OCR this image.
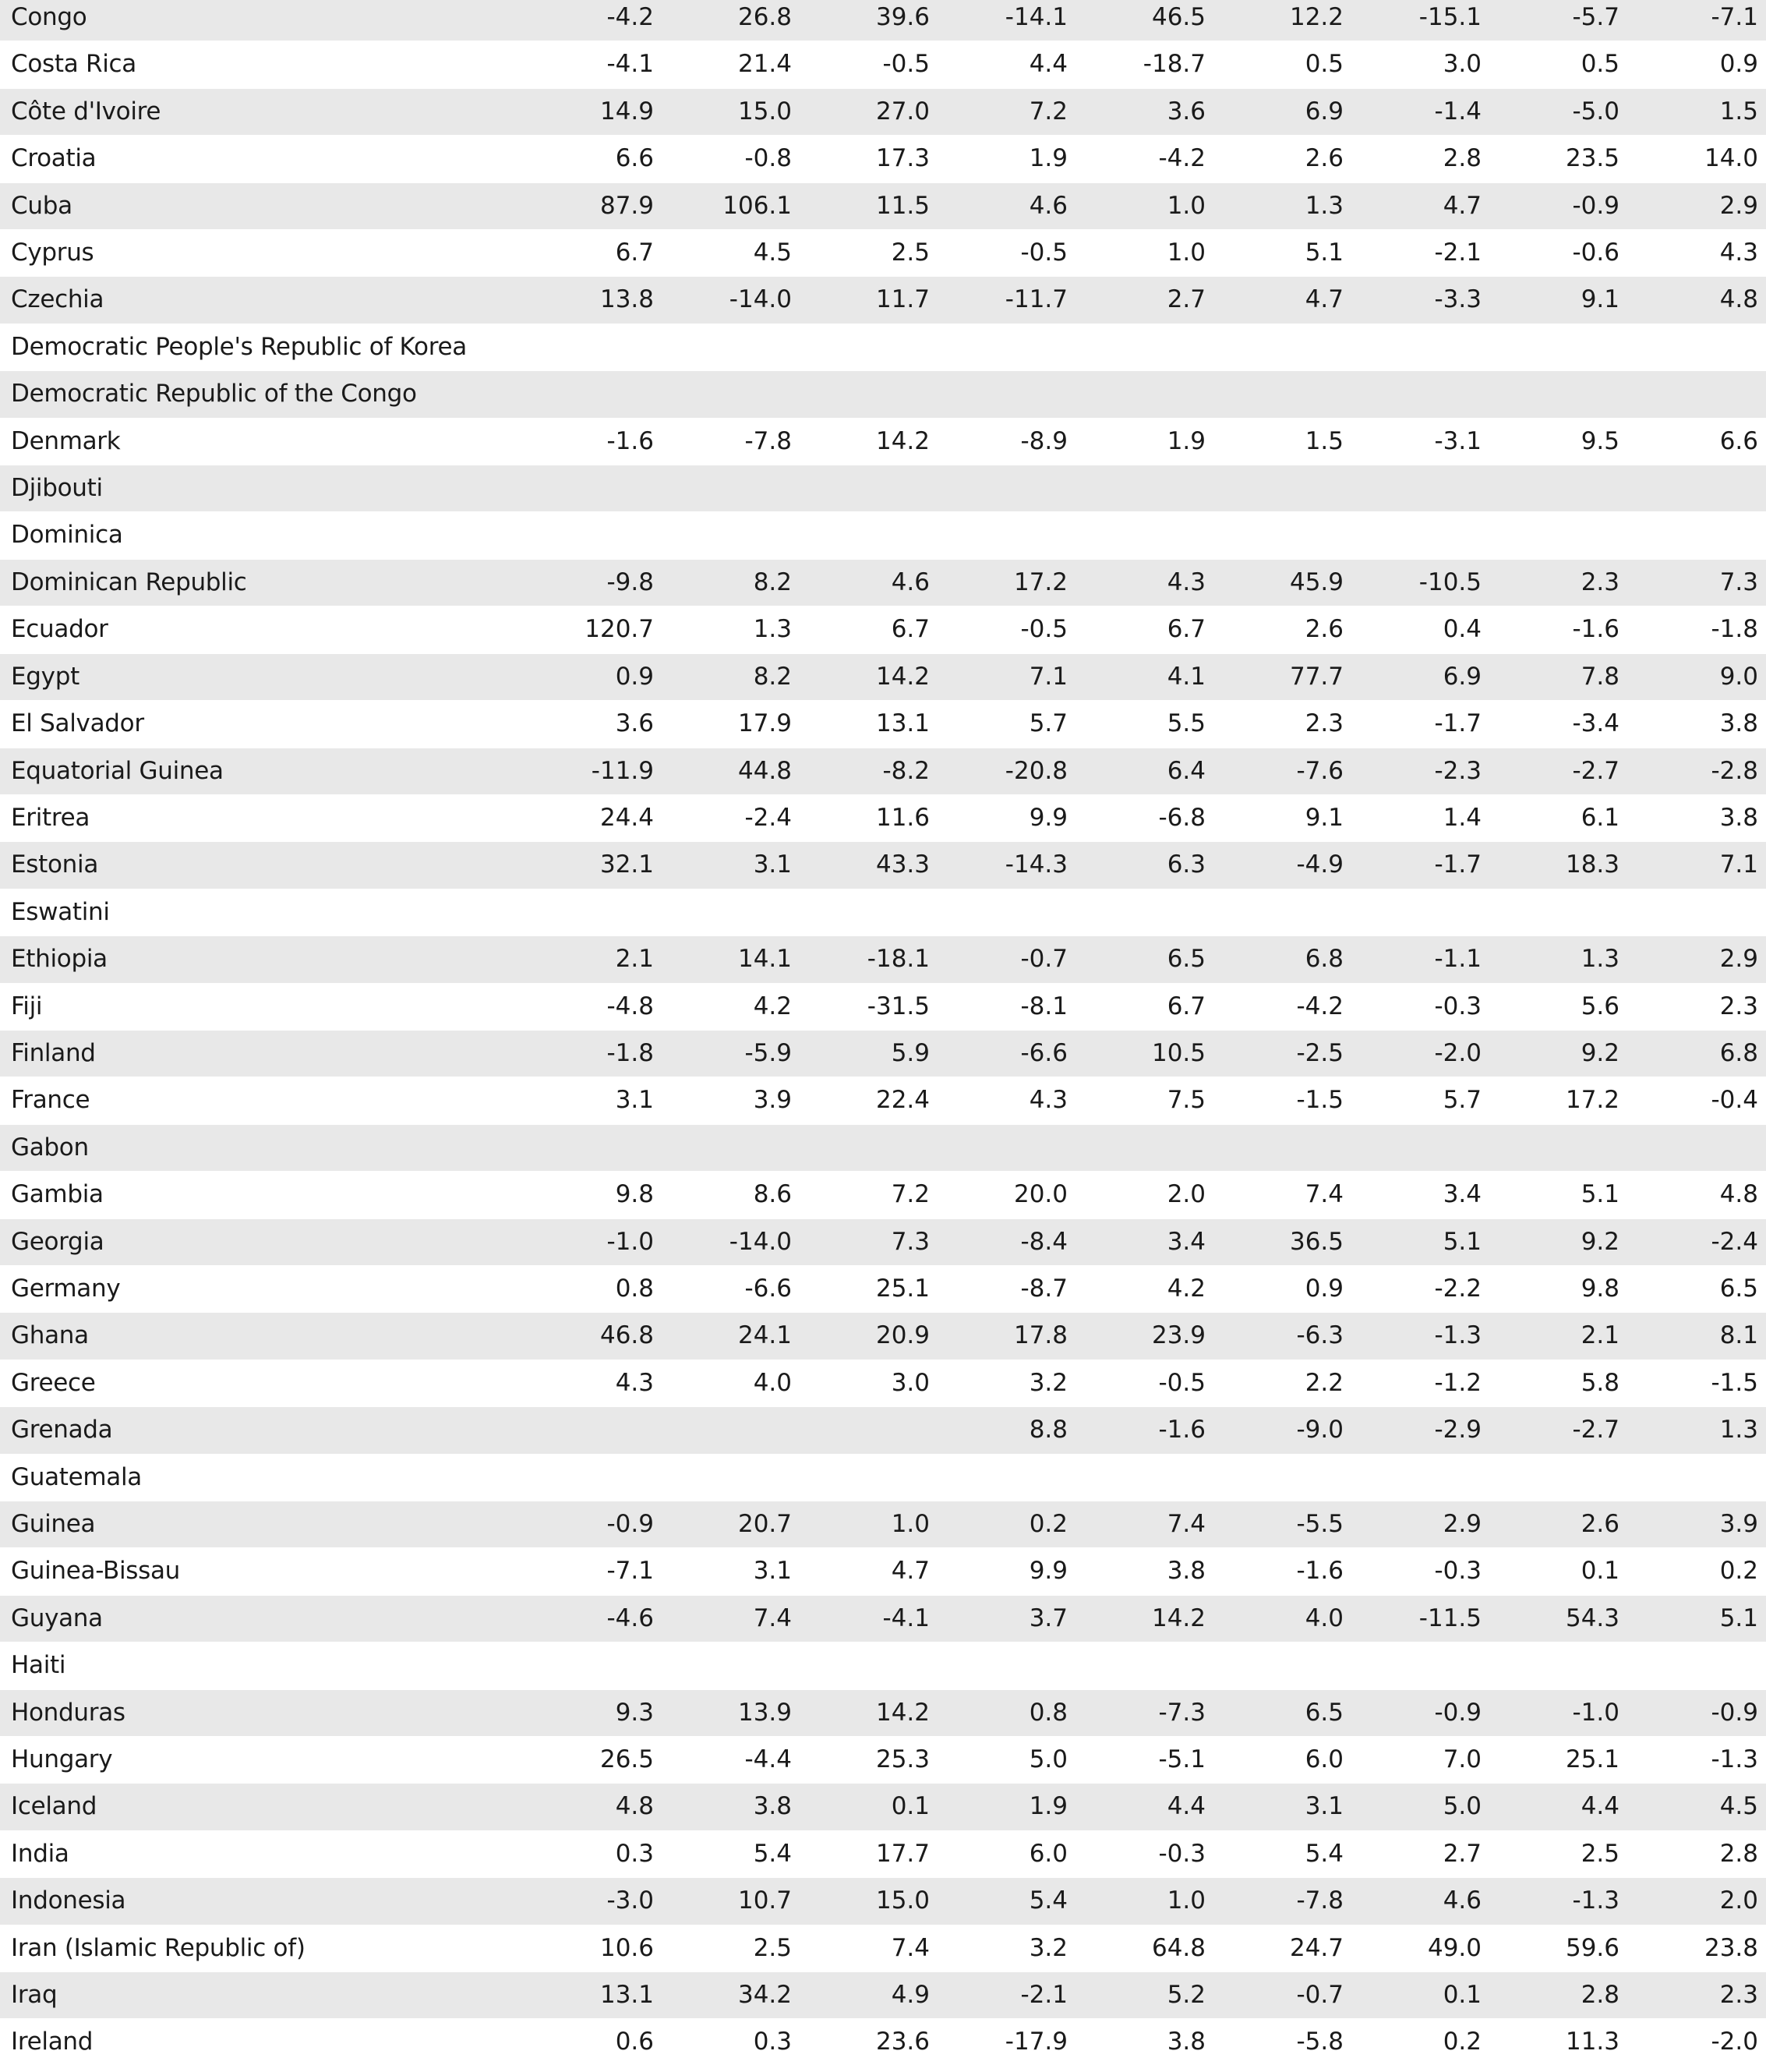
Congo	-4.2	26.8	39.6	-14.1	46.5	12.2	-15.1	-5.7	-7.1
Costa Rica	-4.1	21.4	-0.5	4.4	-18.7	0.5	3.0	0.5	0.9
Côte d'Ivoire	14.9	15.0	27.0	7.2	3.6	6.9	-1.4	-5.0	1.5
Croatia	6.6	-0.8	17.3	1.9	-4.2	2.6	2.8	23.5	14.0
Cuba	87.9	106.1	11.5	4.6	1.0	1.3	4.7	-0.9	2.9
Cyprus	6.7	4.5	2.5	-0.5	1.0	5.1	-2.1	-0.6	4.3
Czechia	13.8	-14.0	11.7	-11.7	2.7	4.7	-3.3	9.1	4.8
Democratic People's Republic of Korea									
Democratic Republic of the Congo									
Denmark	-1.6	-7.8	14.2	-8.9	1.9	1.5	-3.1	9.5	6.6
Djibouti									
Dominica									
Dominican Republic	-9.8	8.2	4.6	17.2	4.3	45.9	-10.5	2.3	7.3
Ecuador	120.7	1.3	6.7	-0.5	6.7	2.6	0.4	-1.6	-1.8
Egypt	0.9	8.2	14.2	7.1	4.1	77.7	6.9	7.8	9.0
El Salvador	3.6	17.9	13.1	5.7	5.5	2.3	-1.7	-3.4	3.8
Equatorial Guinea	-11.9	44.8	-8.2	-20.8	6.4	-7.6	-2.3	-2.7	-2.8
Eritrea	24.4	-2.4	11.6	9.9	-6.8	9.1	1.4	6.1	3.8
Estonia	32.1	3.1	43.3	-14.3	6.3	-4.9	-1.7	18.3	7.1
Eswatini									
Ethiopia	2.1	14.1	-18.1	-0.7	6.5	6.8	-1.1	1.3	2.9
Fiji	-4.8	4.2	-31.5	-8.1	6.7	-4.2	-0.3	5.6	2.3
Finland	-1.8	-5.9	5.9	-6.6	10.5	-2.5	-2.0	9.2	6.8
France	3.1	3.9	22.4	4.3	7.5	-1.5	5.7	17.2	-0.4
Gabon									
Gambia	9.8	8.6	7.2	20.0	2.0	7.4	3.4	5.1	4.8
Georgia	-1.0	-14.0	7.3	-8.4	3.4	36.5	5.1	9.2	-2.4
Germany	0.8	-6.6	25.1	-8.7	4.2	0.9	-2.2	9.8	6.5
Ghana	46.8	24.1	20.9	17.8	23.9	-6.3	-1.3	2.1	8.1
Greece	4.3	4.0	3.0	3.2	-0.5	2.2	-1.2	5.8	-1.5
Grenada				8.8	-1.6	-9.0	-2.9	-2.7	1.3
Guatemala									
Guinea	-0.9	20.7	1.0	0.2	7.4	-5.5	2.9	2.6	3.9
Guinea-Bissau	-7.1	3.1	4.7	9.9	3.8	-1.6	-0.3	0.1	0.2
Guyana	-4.6	7.4	-4.1	3.7	14.2	4.0	-11.5	54.3	5.1
Haiti									
Honduras	9.3	13.9	14.2	0.8	-7.3	6.5	-0.9	-1.0	-0.9
Hungary	26.5	-4.4	25.3	5.0	-5.1	6.0	7.0	25.1	-1.3
Iceland	4.8	3.8	0.1	1.9	4.4	3.1	5.0	4.4	4.5
India	0.3	5.4	17.7	6.0	-0.3	5.4	2.7	2.5	2.8
Indonesia	-3.0	10.7	15.0	5.4	1.0	-7.8	4.6	-1.3	2.0
Iran (Islamic Republic of)	10.6	2.5	7.4	3.2	64.8	24.7	49.0	59.6	23.8
Iraq	13.1	34.2	4.9	-2.1	5.2	-0.7	0.1	2.8	2.3
Ireland	0.6	0.3	23.6	-17.9	3.8	-5.8	0.2	11.3	-2.0
